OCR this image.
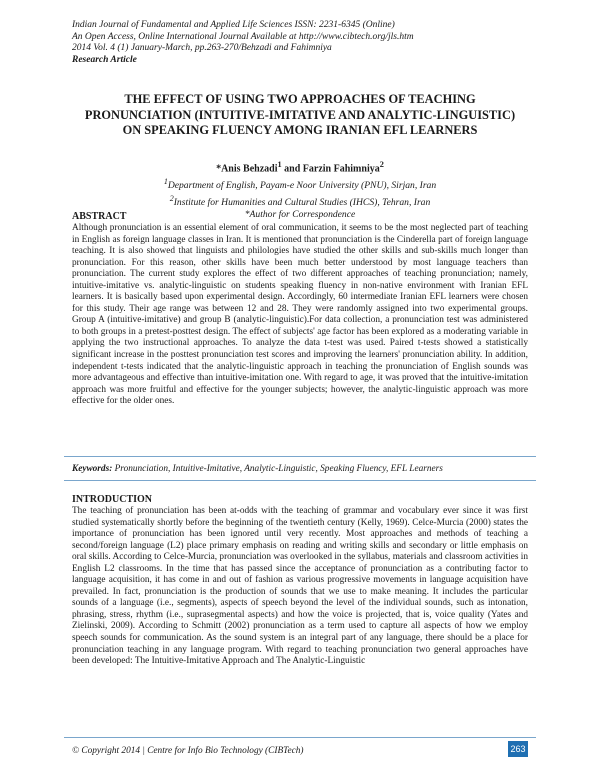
Indian Journal of Fundamental and Applied Life Sciences ISSN: 2231-6345 (Online)
An Open Access, Online International Journal Available at http://www.cibtech.org/jls.htm
2014 Vol. 4 (1) January-March, pp.263-270/Behzadi and Fahimniya
Research Article
THE EFFECT OF USING TWO APPROACHES OF TEACHING PRONUNCIATION (INTUITIVE-IMITATIVE AND ANALYTIC-LINGUISTIC) ON SPEAKING FLUENCY AMONG IRANIAN EFL LEARNERS
*Anis Behzadi$^1$ and Farzin Fahimniya$^2$
$^1$Department of English, Payam-e Noor University (PNU), Sirjan, Iran
$^2$Institute for Humanities and Cultural Studies (IHCS), Tehran, Iran
*Author for Correspondence
ABSTRACT

Although pronunciation is an essential element of oral communication, it seems to be the most neglected part of teaching in English as foreign language classes in Iran. It is mentioned that pronunciation is the Cinderella part of foreign language teaching. It is also showed that linguists and philologies have studied the other skills and sub-skills much longer than pronunciation. For this reason, other skills have been much better understood by most language teachers than pronunciation. The current study explores the effect of two different approaches of teaching pronunciation; namely, intuitive-imitative vs. analytic-linguistic on students speaking fluency in non-native environment with Iranian EFL learners. It is basically based upon experimental design. Accordingly, 60 intermediate Iranian EFL learners were chosen for this study. Their age range was between 12 and 28. They were randomly assigned into two experimental groups. Group A (intuitive-imitative) and group B (analytic-linguistic).For data collection, a pronunciation test was administered to both groups in a pretest-posttest design. The effect of subjects' age factor has been explored as a moderating variable in applying the two instructional approaches. To analyze the data t-test was used. Paired t-tests showed a statistically significant increase in the posttest pronunciation test scores and improving the learners' pronunciation ability. In addition, independent t-tests indicated that the analytic-linguistic approach in teaching the pronunciation of English sounds was more advantageous and effective than intuitive-imitation one. With regard to age, it was proved that the intuitive-imitation approach was more fruitful and effective for the younger subjects; however, the analytic-linguistic approach was more effective for the older ones.

Keywords: Pronunciation, Intuitive-Imitative, Analytic-Linguistic, Speaking Fluency, EFL Learners
INTRODUCTION

The teaching of pronunciation has been at-odds with the teaching of grammar and vocabulary ever since it was first studied systematically shortly before the beginning of the twentieth century (Kelly, 1969). Celce-Murcia (2000) states the importance of pronunciation has been ignored until very recently. Most approaches and methods of teaching a second/foreign language (L2) place primary emphasis on reading and writing skills and secondary or little emphasis on oral skills. According to Celce-Murcia, pronunciation was overlooked in the syllabus, materials and classroom activities in English L2 classrooms. In the time that has passed since the acceptance of pronunciation as a contributing factor to language acquisition, it has come in and out of fashion as various progressive movements in language acquisition have prevailed. In fact, pronunciation is the production of sounds that we use to make meaning. It includes the particular sounds of a language (i.e., segments), aspects of speech beyond the level of the individual sounds, such as intonation, phrasing, stress, rhythm (i.e., suprasegmental aspects) and how the voice is projected, that is, voice quality (Yates and Zielinski, 2009). According to Schmitt (2002) pronunciation as a term used to capture all aspects of how we employ speech sounds for communication. As the sound system is an integral part of any language, there should be a place for pronunciation teaching in any language program. With regard to teaching pronunciation two general approaches have been developed: The Intuitive-Imitative Approach and The Analytic-Linguistic

© Copyright 2014 | Centre for Info Bio Technology (CIBTech)	263
